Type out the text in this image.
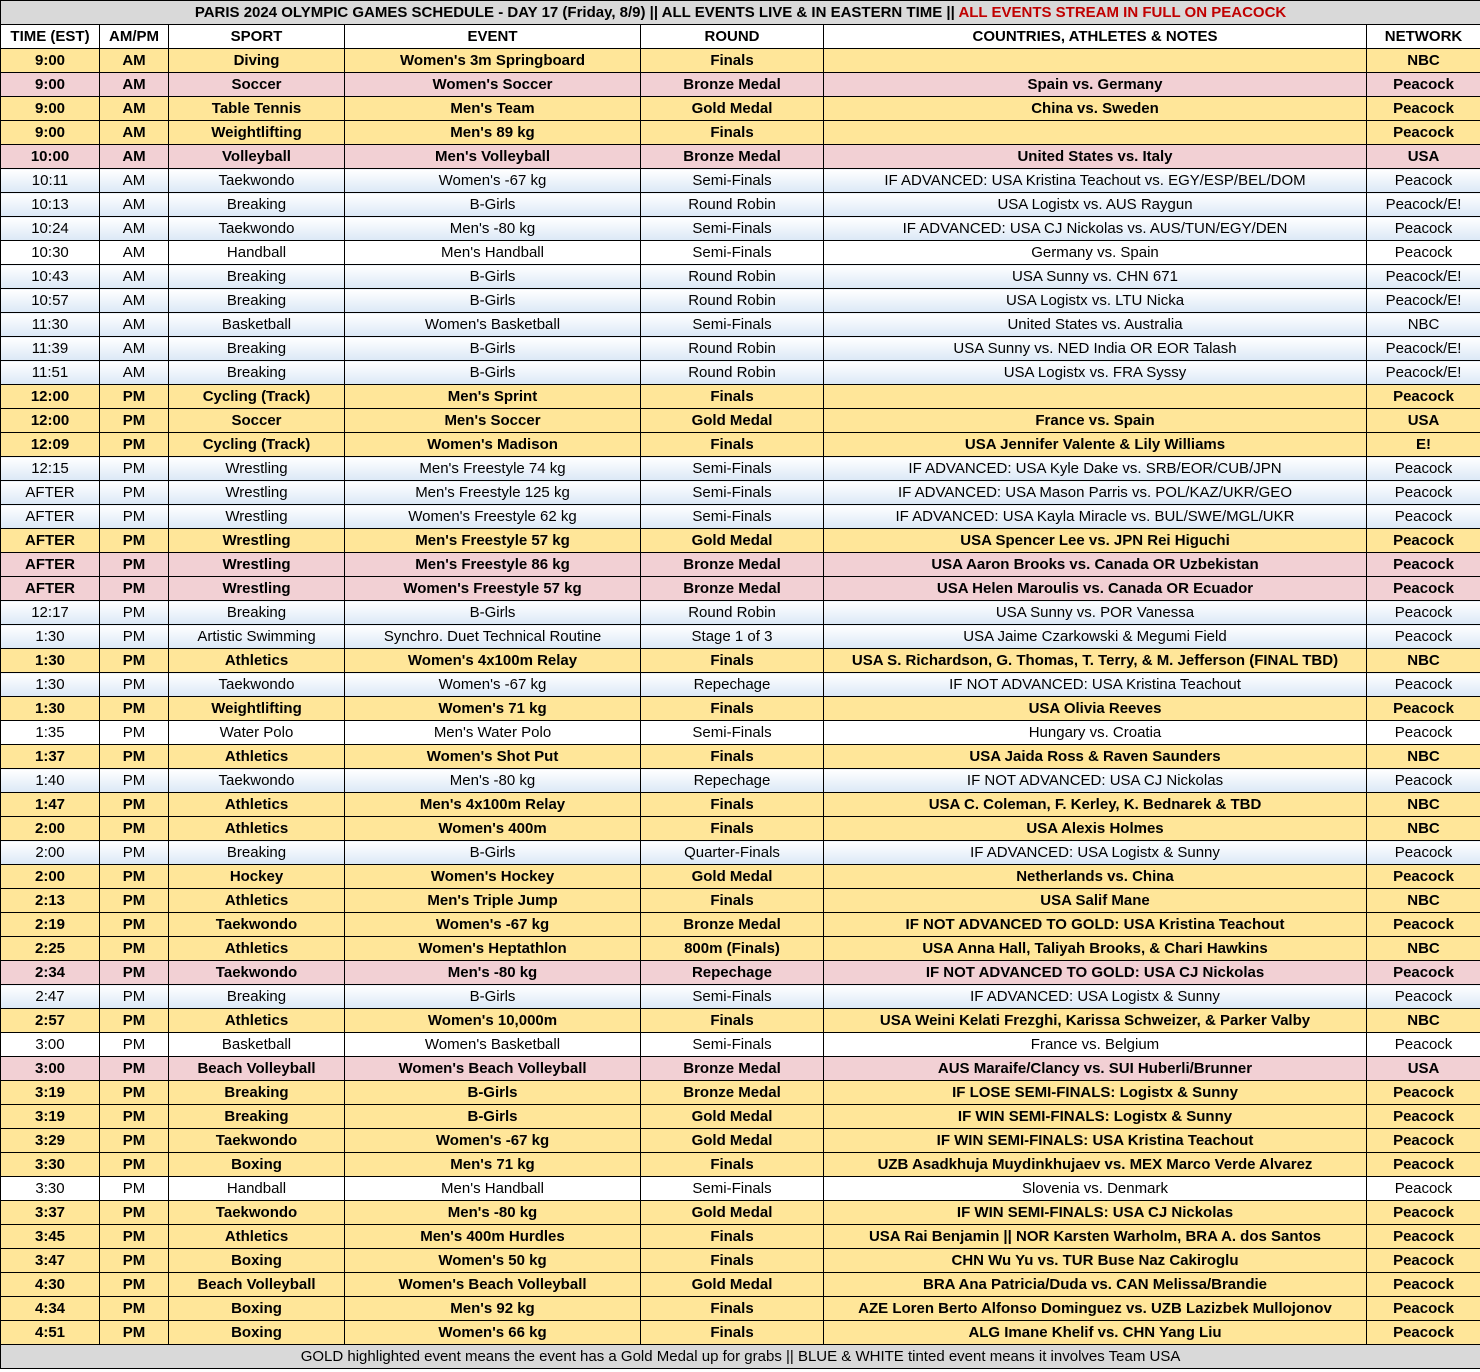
PARIS 2024 OLYMPIC GAMES SCHEDULE - DAY 17 (Friday, 8/9) || ALL EVENTS LIVE & IN EASTERN TIME || ALL EVENTS STREAM IN FULL ON PEACOCK						
TIME (EST)	AM/PM	SPORT	EVENT	ROUND	COUNTRIES, ATHLETES & NOTES	NETWORK
9:00	AM	Diving	Women's 3m Springboard	Finals		NBC
9:00	AM	Soccer	Women's Soccer	Bronze Medal	Spain vs. Germany	Peacock
9:00	AM	Table Tennis	Men's Team	Gold Medal	China vs. Sweden	Peacock
9:00	AM	Weightlifting	Men's 89 kg	Finals		Peacock
10:00	AM	Volleyball	Men's Volleyball	Bronze Medal	United States vs. Italy	USA
10:11	AM	Taekwondo	Women's -67 kg	Semi-Finals	IF ADVANCED: USA Kristina Teachout vs. EGY/ESP/BEL/DOM	Peacock
10:13	AM	Breaking	B-Girls	Round Robin	USA Logistx vs. AUS Raygun	Peacock/E!
10:24	AM	Taekwondo	Men's -80 kg	Semi-Finals	IF ADVANCED: USA CJ Nickolas vs. AUS/TUN/EGY/DEN	Peacock
10:30	AM	Handball	Men's Handball	Semi-Finals	Germany vs. Spain	Peacock
10:43	AM	Breaking	B-Girls	Round Robin	USA Sunny vs. CHN 671	Peacock/E!
10:57	AM	Breaking	B-Girls	Round Robin	USA Logistx vs. LTU Nicka	Peacock/E!
11:30	AM	Basketball	Women's Basketball	Semi-Finals	United States vs. Australia	NBC
11:39	AM	Breaking	B-Girls	Round Robin	USA Sunny vs. NED India OR EOR Talash	Peacock/E!
11:51	AM	Breaking	B-Girls	Round Robin	USA Logistx vs. FRA Syssy	Peacock/E!
12:00	PM	Cycling (Track)	Men's Sprint	Finals		Peacock
12:00	PM	Soccer	Men's Soccer	Gold Medal	France vs. Spain	USA
12:09	PM	Cycling (Track)	Women's Madison	Finals	USA Jennifer Valente & Lily Williams	E!
12:15	PM	Wrestling	Men's Freestyle 74 kg	Semi-Finals	IF ADVANCED: USA Kyle Dake vs. SRB/EOR/CUB/JPN	Peacock
AFTER	PM	Wrestling	Men's Freestyle 125 kg	Semi-Finals	IF ADVANCED: USA Mason Parris vs. POL/KAZ/UKR/GEO	Peacock
AFTER	PM	Wrestling	Women's Freestyle 62 kg	Semi-Finals	IF ADVANCED: USA Kayla Miracle vs. BUL/SWE/MGL/UKR	Peacock
AFTER	PM	Wrestling	Men's Freestyle 57 kg	Gold Medal	USA Spencer Lee vs. JPN Rei Higuchi	Peacock
AFTER	PM	Wrestling	Men's Freestyle 86 kg	Bronze Medal	USA Aaron Brooks vs. Canada OR Uzbekistan	Peacock
AFTER	PM	Wrestling	Women's Freestyle 57 kg	Bronze Medal	USA Helen Maroulis vs. Canada OR Ecuador	Peacock
12:17	PM	Breaking	B-Girls	Round Robin	USA Sunny vs. POR Vanessa	Peacock
1:30	PM	Artistic Swimming	Synchro. Duet Technical Routine	Stage 1 of 3	USA Jaime Czarkowski & Megumi Field	Peacock
1:30	PM	Athletics	Women's 4x100m Relay	Finals	USA S. Richardson, G. Thomas, T. Terry, & M. Jefferson (FINAL TBD)	NBC
1:30	PM	Taekwondo	Women's -67 kg	Repechage	IF NOT ADVANCED: USA Kristina Teachout	Peacock
1:30	PM	Weightlifting	Women's 71 kg	Finals	USA Olivia Reeves	Peacock
1:35	PM	Water Polo	Men's Water Polo	Semi-Finals	Hungary vs. Croatia	Peacock
1:37	PM	Athletics	Women's Shot Put	Finals	USA Jaida Ross & Raven Saunders	NBC
1:40	PM	Taekwondo	Men's -80 kg	Repechage	IF NOT ADVANCED: USA CJ Nickolas	Peacock
1:47	PM	Athletics	Men's 4x100m Relay	Finals	USA C. Coleman, F. Kerley, K. Bednarek & TBD	NBC
2:00	PM	Athletics	Women's 400m	Finals	USA Alexis Holmes	NBC
2:00	PM	Breaking	B-Girls	Quarter-Finals	IF ADVANCED: USA Logistx & Sunny	Peacock
2:00	PM	Hockey	Women's Hockey	Gold Medal	Netherlands vs. China	Peacock
2:13	PM	Athletics	Men's Triple Jump	Finals	USA Salif Mane	NBC
2:19	PM	Taekwondo	Women's -67 kg	Bronze Medal	IF NOT ADVANCED TO GOLD: USA Kristina Teachout	Peacock
2:25	PM	Athletics	Women's Heptathlon	800m (Finals)	USA Anna Hall, Taliyah Brooks, & Chari Hawkins	NBC
2:34	PM	Taekwondo	Men's -80 kg	Repechage	IF NOT ADVANCED TO GOLD: USA CJ Nickolas	Peacock
2:47	PM	Breaking	B-Girls	Semi-Finals	IF ADVANCED: USA Logistx & Sunny	Peacock
2:57	PM	Athletics	Women's 10,000m	Finals	USA Weini Kelati Frezghi, Karissa Schweizer, & Parker Valby	NBC
3:00	PM	Basketball	Women's Basketball	Semi-Finals	France vs. Belgium	Peacock
3:00	PM	Beach Volleyball	Women's Beach Volleyball	Bronze Medal	AUS Maraife/Clancy vs. SUI Huberli/Brunner	USA
3:19	PM	Breaking	B-Girls	Bronze Medal	IF LOSE SEMI-FINALS: Logistx & Sunny	Peacock
3:19	PM	Breaking	B-Girls	Gold Medal	IF WIN SEMI-FINALS: Logistx & Sunny	Peacock
3:29	PM	Taekwondo	Women's -67 kg	Gold Medal	IF WIN SEMI-FINALS: USA Kristina Teachout	Peacock
3:30	PM	Boxing	Men's 71 kg	Finals	UZB Asadkhuja Muydinkhujaev vs. MEX Marco Verde Alvarez	Peacock
3:30	PM	Handball	Men's Handball	Semi-Finals	Slovenia vs. Denmark	Peacock
3:37	PM	Taekwondo	Men's -80 kg	Gold Medal	IF WIN SEMI-FINALS: USA CJ Nickolas	Peacock
3:45	PM	Athletics	Men's 400m Hurdles	Finals	USA Rai Benjamin || NOR Karsten Warholm, BRA A. dos Santos	Peacock
3:47	PM	Boxing	Women's 50 kg	Finals	CHN Wu Yu vs. TUR Buse Naz Cakiroglu	Peacock
4:30	PM	Beach Volleyball	Women's Beach Volleyball	Gold Medal	BRA Ana Patricia/Duda vs. CAN Melissa/Brandie	Peacock
4:34	PM	Boxing	Men's 92 kg	Finals	AZE Loren Berto Alfonso Dominguez vs. UZB Lazizbek Mullojonov	Peacock
4:51	PM	Boxing	Women's 66 kg	Finals	ALG Imane Khelif vs. CHN Yang Liu	Peacock
GOLD highlighted event means the event has a Gold Medal up for grabs || BLUE & WHITE tinted event means it involves Team USA						
